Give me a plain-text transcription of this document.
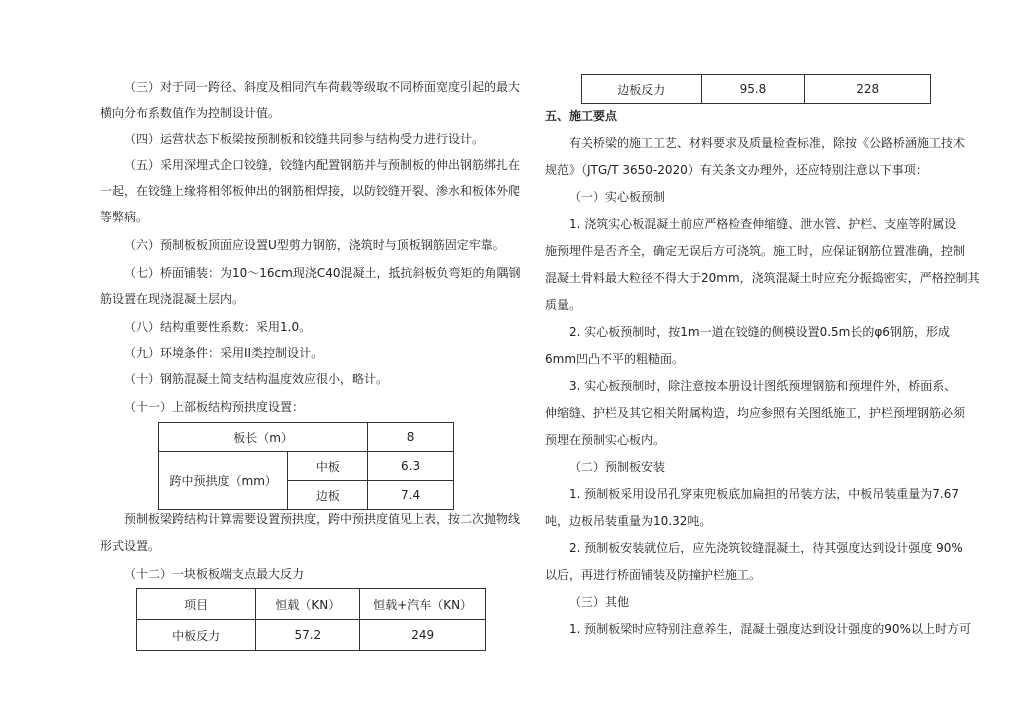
（三）对于同一跨径、斜度及相同汽车荷载等级取不同桥面宽度引起的最大
横向分布系数值作为控制设计值。
（四）运营状态下板梁按预制板和铰缝共同参与结构受力进行设计。
（五）采用深埋式企口铰缝，铰缝内配置钢筋并与预制板的伸出钢筋绑扎在
一起，在铰缝上缘将相邻板伸出的钢筋相焊接，以防铰缝开裂、渗水和板体外爬
等弊病。
（六）预制板板顶面应设置U型剪力钢筋，浇筑时与顶板钢筋固定牢靠。
（七）桥面铺装：为10～16cm现浇C40混凝土，抵抗斜板负弯矩的角隅钢
筋设置在现浇混凝土层内。
（八）结构重要性系数：采用1.0。
（九）环境条件：采用II类控制设计。
（十）钢筋混凝土简支结构温度效应很小，略计。
（十一）上部板结构预拱度设置：
板长（m）		8
跨中预拱度（mm）	中板	6.3
	边板	7.4
预制板梁跨结构计算需要设置预拱度，跨中预拱度值见上表，按二次抛物线
形式设置。
（十二）一块板板端支点最大反力
项目	恒载（KN）	恒载+汽车（KN）
中板反力	57.2	249
边板反力	95.8	228
五、施工要点
有关桥梁的施工工艺、材料要求及质量检查标准，除按《公路桥涵施工技术
规范》（JTG/T 3650-2020）有关条文办理外，还应特别注意以下事项：
（一）实心板预制
1. 浇筑实心板混凝土前应严格检查伸缩缝、泄水管、护栏、支座等附属设
施预埋件是否齐全，确定无误后方可浇筑。施工时，应保证钢筋位置准确，控制
混凝土骨料最大粒径不得大于20mm，浇筑混凝土时应充分振捣密实，严格控制其
质量。
2. 实心板预制时，按1m一道在铰缝的侧模设置0.5m长的φ6钢筋，形成
6mm凹凸不平的粗糙面。
3. 实心板预制时，除注意按本册设计图纸预埋钢筋和预埋件外，桥面系、
伸缩缝、护栏及其它相关附属构造，均应参照有关图纸施工，护栏预埋钢筋必须
预埋在预制实心板内。
（二）预制板安装
1. 预制板采用设吊孔穿束兜板底加扁担的吊装方法，中板吊装重量为7.67
吨，边板吊装重量为10.32吨。
2. 预制板安装就位后，应先浇筑铰缝混凝土，待其强度达到设计强度 90%
以后，再进行桥面铺装及防撞护栏施工。
（三）其他
1. 预制板梁时应特别注意养生，混凝土强度达到设计强度的90%以上时方可
